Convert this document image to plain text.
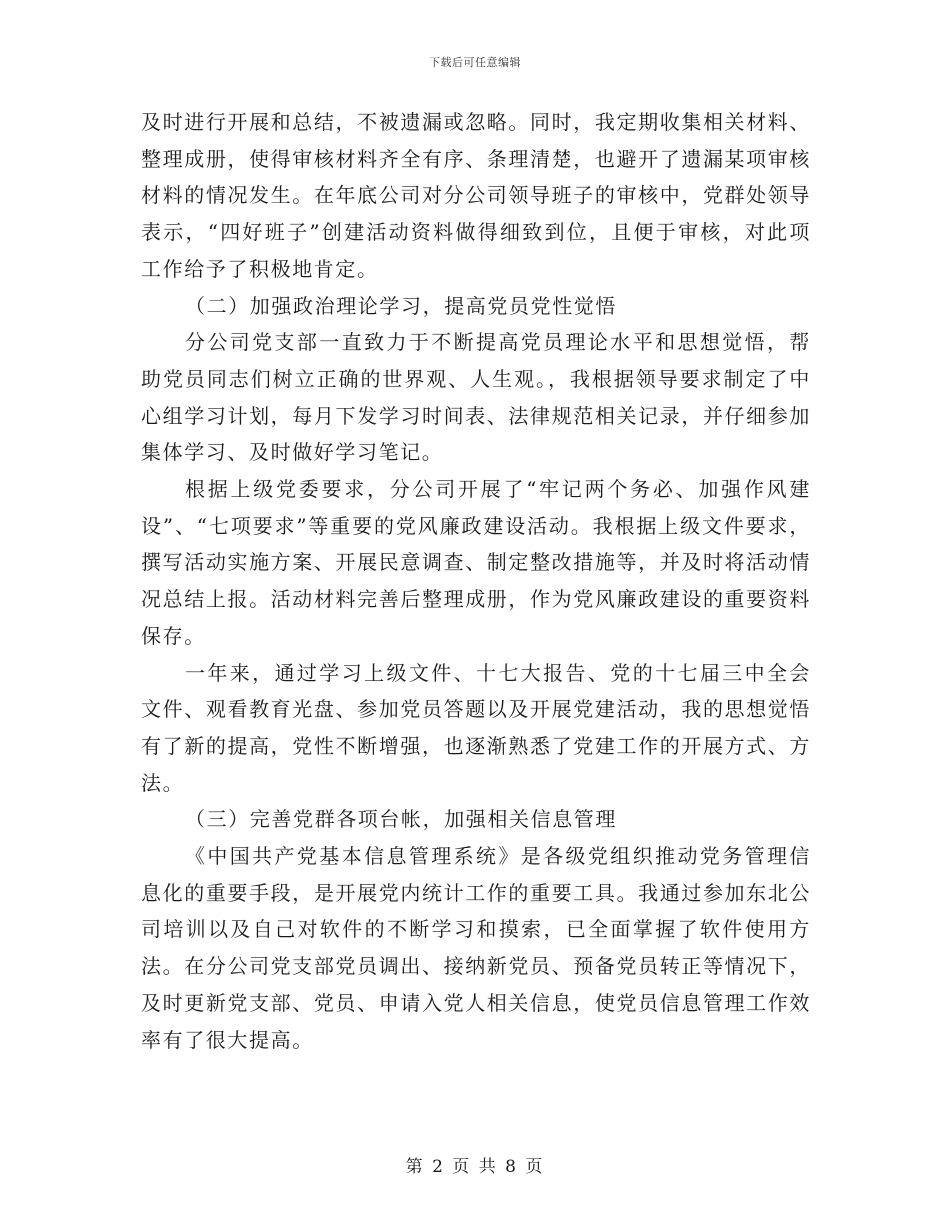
下载后可任意编辑

及时进行开展和总结，不被遗漏或忽略。同时，我定期收集相关材料、整理成册，使得审核材料齐全有序、条理清楚，也避开了遗漏某项审核材料的情况发生。在年底公司对分公司领导班子的审核中，党群处领导表示，“四好班子”创建活动资料做得细致到位，且便于审核，对此项工作给予了积极地肯定。

（二）加强政治理论学习，提高党员党性觉悟

分公司党支部一直致力于不断提高党员理论水平和思想觉悟，帮助党员同志们树立正确的世界观、人生观。，我根据领导要求制定了中心组学习计划，每月下发学习时间表、法律规范相关记录，并仔细参加集体学习、及时做好学习笔记。

根据上级党委要求，分公司开展了“牢记两个务必、加强作风建设”、“七项要求”等重要的党风廉政建设活动。我根据上级文件要求，撰写活动实施方案、开展民意调查、制定整改措施等，并及时将活动情况总结上报。活动材料完善后整理成册，作为党风廉政建设的重要资料保存。

一年来，通过学习上级文件、十七大报告、党的十七届三中全会文件、观看教育光盘、参加党员答题以及开展党建活动，我的思想觉悟有了新的提高，党性不断增强，也逐渐熟悉了党建工作的开展方式、方法。

（三）完善党群各项台帐，加强相关信息管理

《中国共产党基本信息管理系统》是各级党组织推动党务管理信息化的重要手段，是开展党内统计工作的重要工具。我通过参加东北公司培训以及自己对软件的不断学习和摸索，已全面掌握了软件使用方法。在分公司党支部党员调出、接纳新党员、预备党员转正等情况下，及时更新党支部、党员、申请入党人相关信息，使党员信息管理工作效率有了很大提高。

第 2 页 共 8 页
